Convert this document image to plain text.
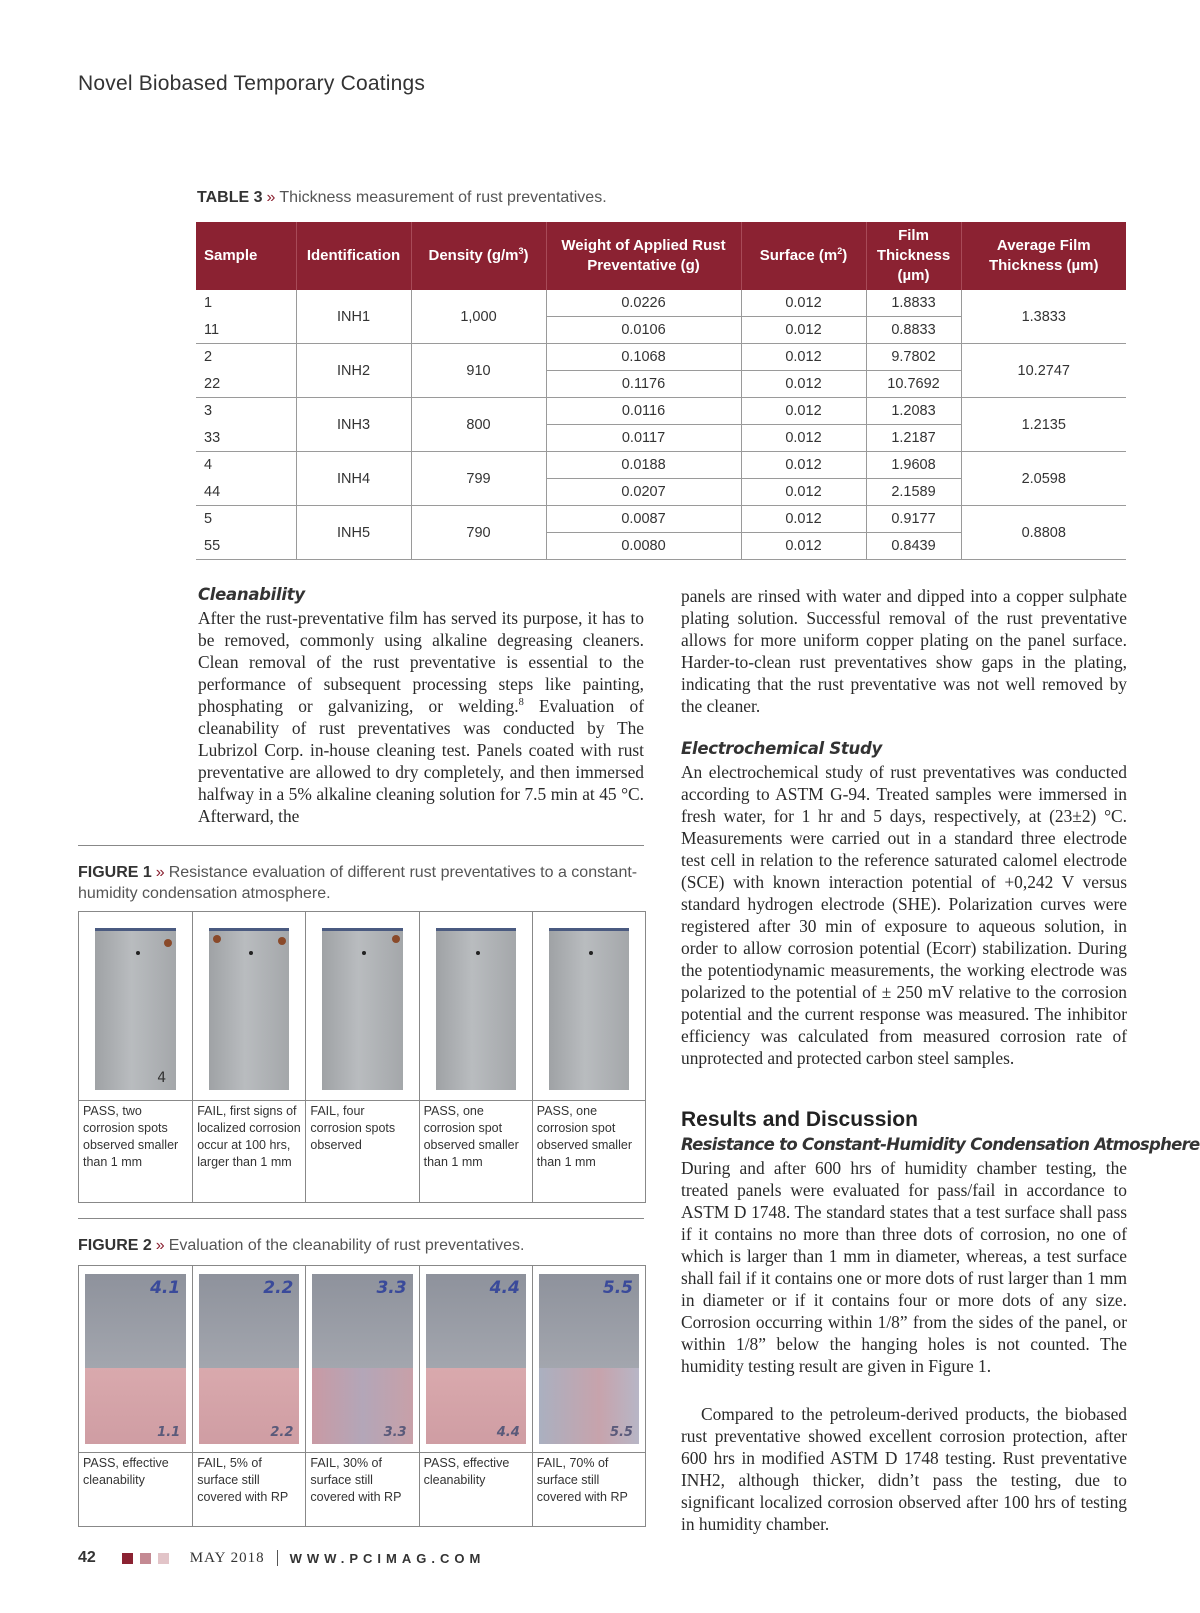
Novel Biobased Temporary Coatings
TABLE 3 » Thickness measurement of rust preventatives.
Sample	Identification	Density $(g/m^3)$	Weight of Applied Rust Preventative (g)	Surface $(m^2)$	Film Thickness (µm)	Average Film Thickness (µm)
1	INH1	1,000	0.0226	0.012	1.8833	1.3833
11			0.0106	0.012	0.8833	
2	INH2	910	0.1068	0.012	9.7802	10.2747
22			0.1176	0.012	10.7692	
3	INH3	800	0.0116	0.012	1.2083	1.2135
33			0.0117	0.012	1.2187	
4	INH4	799	0.0188	0.012	1.9608	2.0598
44			0.0207	0.012	2.1589	
5	INH5	790	0.0087	0.012	0.9177	0.8808
55			0.0080	0.012	0.8439	
Cleanability
After the rust-preventative film has served its purpose, it has to be removed, commonly using alkaline degreasing cleaners. Clean removal of the rust preventative is essential to the performance of subsequent processing steps like painting, phosphating or galvanizing, or welding.$^8$ Evaluation of cleanability of rust preventatives was conducted by The Lubrizol Corp. in-house cleaning test. Panels coated with rust preventative are allowed to dry completely, and then immersed halfway in a 5% alkaline cleaning solution for 7.5 min at 45 °C. Afterward, the
FIGURE 1 » Resistance evaluation of different rust preventatives to a constant-humidity condensation atmosphere.
4
PASS, two corrosion spots observed smaller than 1 mm
FAIL, first signs of localized corrosion occur at 100 hrs, larger than 1 mm
FAIL, four corrosion spots observed
PASS, one corrosion spot observed smaller than 1 mm
PASS, one corrosion spot observed smaller than 1 mm
FIGURE 2 » Evaluation of the cleanability of rust preventatives.
4.1
1.1
PASS, effective cleanability
2.2
2.2
FAIL, 5% of surface still covered with RP
3.3
3.3
FAIL, 30% of surface still covered with RP
4.4
4.4
PASS, effective cleanability
5.5
5.5
FAIL, 70% of surface still covered with RP
panels are rinsed with water and dipped into a copper sulphate plating solution. Successful removal of the rust preventative allows for more uniform copper plating on the panel surface. Harder-to-clean rust preventatives show gaps in the plating, indicating that the rust preventative was not well removed by the cleaner.
Electrochemical Study
An electrochemical study of rust preventatives was conducted according to ASTM G-94. Treated samples were immersed in fresh water, for 1 hr and 5 days, respectively, at (23±2) °C. Measurements were carried out in a standard three electrode test cell in relation to the reference saturated calomel electrode (SCE) with known interaction potential of +0,242 V versus standard hydrogen electrode (SHE). Polarization curves were registered after 30 min of exposure to aqueous solution, in order to allow corrosion potential (Ecorr) stabilization. During the potentiodynamic measurements, the working electrode was polarized to the potential of ± 250 mV relative to the corrosion potential and the current response was measured. The inhibitor efficiency was calculated from measured corrosion rate of unprotected and protected carbon steel samples.
Results and Discussion
Resistance to Constant-Humidity Condensation Atmosphere
During and after 600 hrs of humidity chamber testing, the treated panels were evaluated for pass/fail in accordance to ASTM D 1748. The standard states that a test surface shall pass if it contains no more than three dots of corrosion, no one of which is larger than 1 mm in diameter, whereas, a test surface shall fail if it contains one or more dots of rust larger than 1 mm in diameter or if it contains four or more dots of any size. Corrosion occurring within 1/8” from the sides of the panel, or within 1/8” below the hanging holes is not counted. The humidity testing result are given in Figure 1.
Compared to the petroleum-derived products, the biobased rust preventative showed excellent corrosion protection, after 600 hrs in modified ASTM D 1748 testing. Rust preventative INH2, although thicker, didn’t pass the testing, due to significant localized corrosion observed after 100 hrs of testing in humidity chamber.
42	MAY 2018 WWW.PCIMAG.COM
